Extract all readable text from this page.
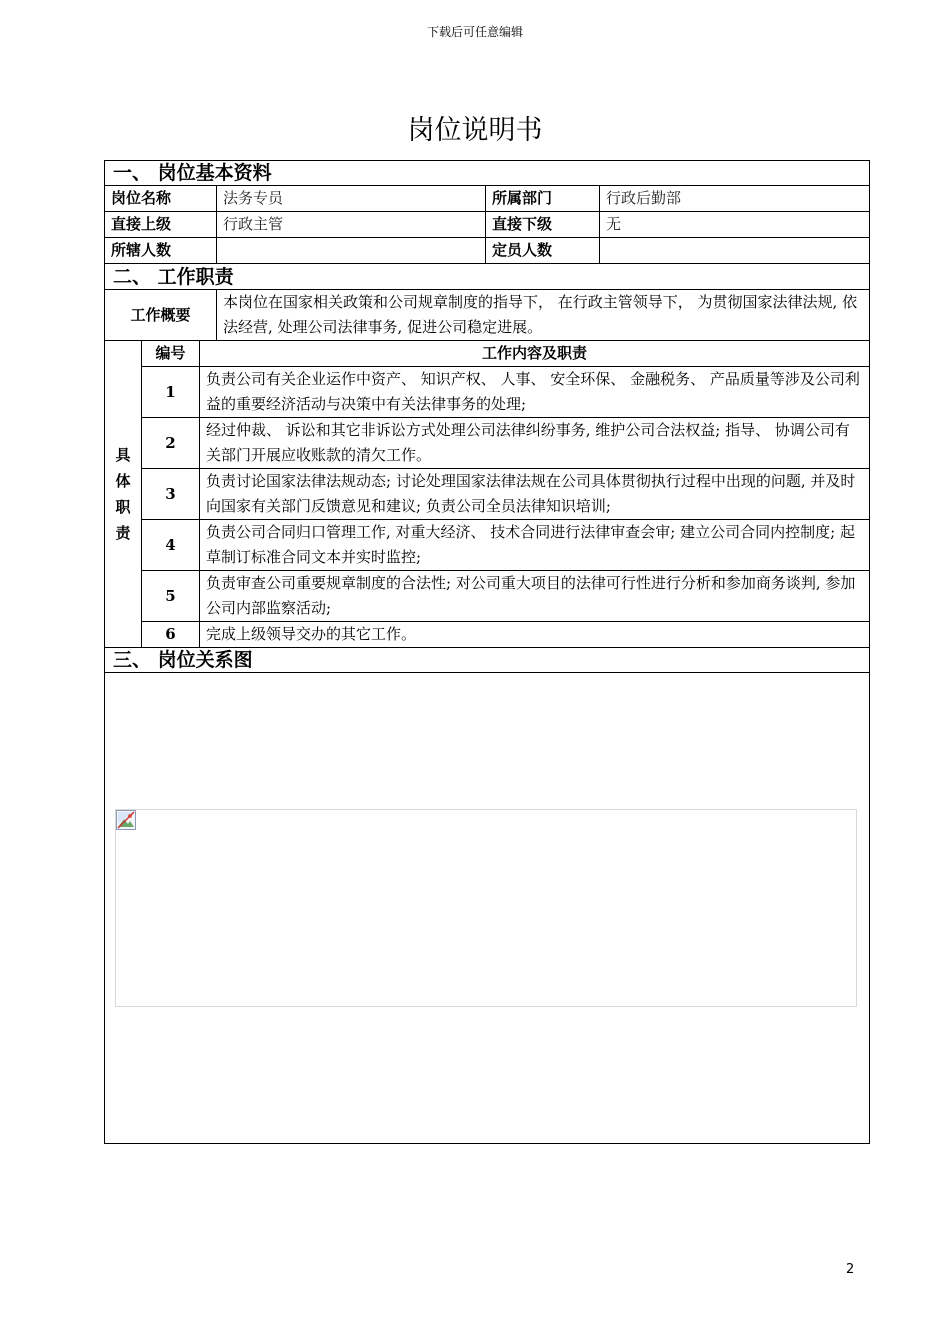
下载后可任意编辑
岗位说明书
一、 岗位基本资料					
岗位名称			法务专员	所属部门	行政后勤部
直接上级			行政主管	直接下级	无
所辖人数				定员人数	
二、 工作职责					
工作概要			本岗位在国家相关政策和公司规章制度的指导下， 在行政主管领导下， 为贯彻国家法律法规, 依法经营, 处理公司法律事务, 促进公司稳定进展。		

具
体
职
责	编号	工作内容及职责			
	1	负责公司有关企业运作中资产、 知识产权、 人事、 安全环保、 金融税务、 产品质量等涉及公司利益的重要经济活动与决策中有关法律事务的处理;			
	2	经过仲裁、 诉讼和其它非诉讼方式处理公司法律纠纷事务, 维护公司合法权益; 指导、 协调公司有关部门开展应收账款的清欠工作。			
	3	负责讨论国家法律法规动态; 讨论处理国家法律法规在公司具体贯彻执行过程中出现的问题, 并及时向国家有关部门反馈意见和建议; 负责公司全员法律知识培训;			
	4	负责公司合同归口管理工作, 对重大经济、 技术合同进行法律审查会审; 建立公司合同内控制度; 起草制订标准合同文本并实时监控;			
	5	负责审查公司重要规章制度的合法性; 对公司重大项目的法律可行性进行分析和参加商务谈判, 参加公司内部监察活动;			
	6	完成上级领导交办的其它工作。			
三、 岗位关系图					

2
